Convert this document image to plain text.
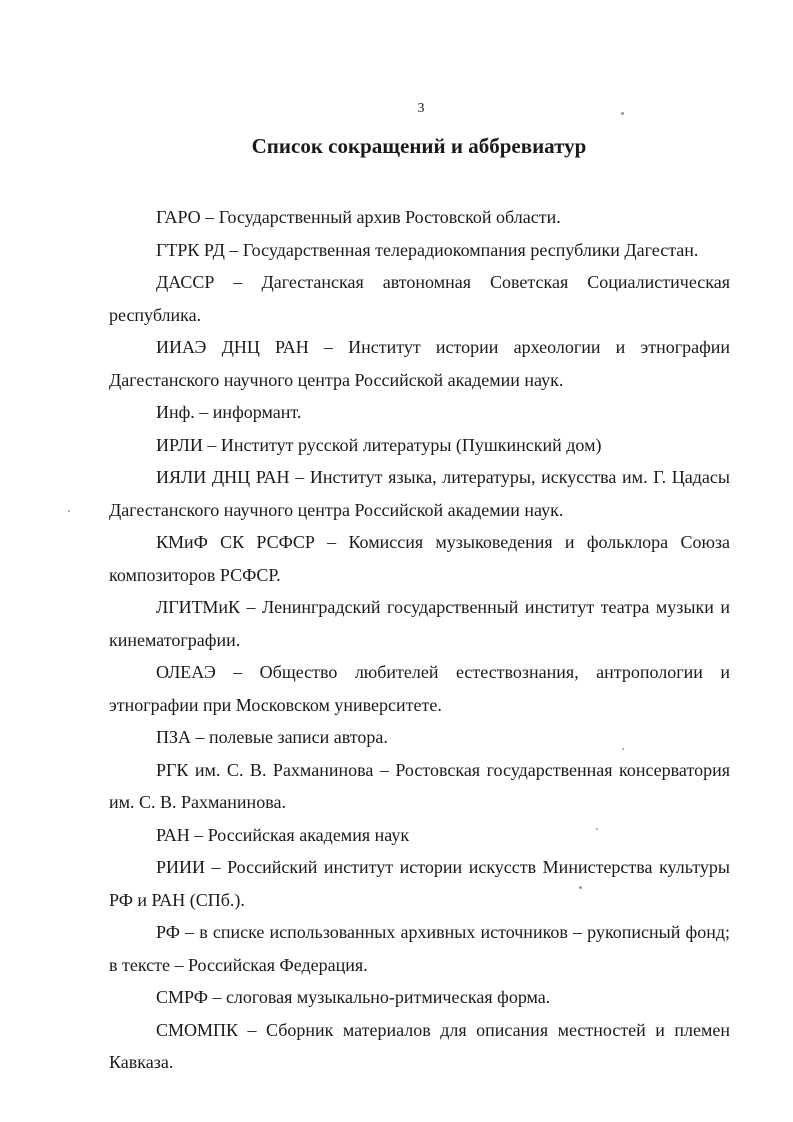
3
Список сокращений и аббревиатур

ГАРО – Государственный архив Ростовской области.

ГТРК РД – Государственная телерадиокомпания республики Дагестан.

ДАССР – Дагестанская автономная Советская Социалистическая республика.

ИИАЭ ДНЦ РАН – Институт истории археологии и этнографии Дагестанского научного центра Российской академии наук.

Инф. – информант.

ИРЛИ – Институт русской литературы (Пушкинский дом)

ИЯЛИ ДНЦ РАН – Институт языка, литературы, искусства им. Г. Цадасы Дагестанского научного центра Российской академии наук.

КМиФ СК РСФСР – Комиссия музыковедения и фольклора Союза композиторов РСФСР.

ЛГИТМиК – Ленинградский государственный институт театра музыки и кинематографии.

ОЛЕАЭ – Общество любителей естествознания, антропологии и этнографии при Московском университете.

ПЗА – полевые записи автора.

РГК им. С. В. Рахманинова – Ростовская государственная консерватория им. С. В. Рахманинова.

РАН – Российская академия наук

РИИИ – Российский институт истории искусств Министерства культуры РФ и РАН (СПб.).

РФ – в списке использованных архивных источников – рукописный фонд; в тексте – Российская Федерация.

СМРФ – слоговая музыкально-ритмическая форма.

СМОМПК – Сборник материалов для описания местностей и племен Кавказа.
